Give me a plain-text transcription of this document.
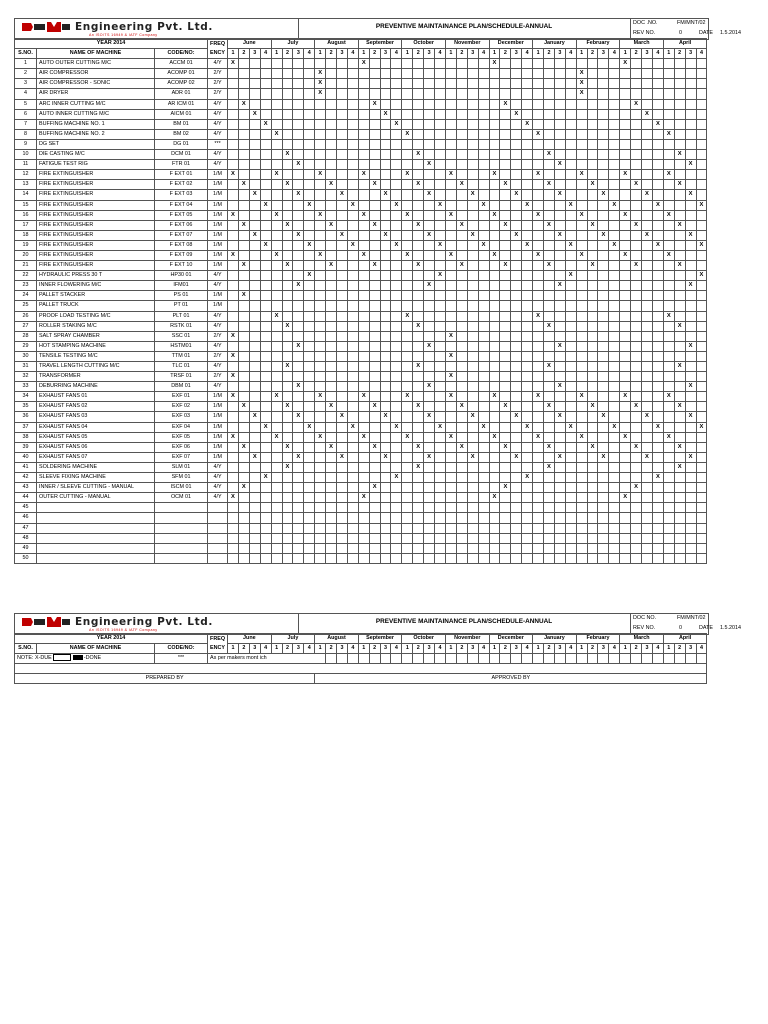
Engineering Pvt. Ltd.
An ISO/TS 16949 & IATF Company
PREVENTIVE MAINTAINANCE PLAN/SCHEDULE-ANNUAL	DOC .NO.	FM/MNT/02
REV NO.	0	DATE 1.5.2014
YEAR 2014			FREQ
ENCY	June				July				August				September				October				November				December				January				February				March				April			
S.NO.	NAME OF MACHINE	CODE/NO:		1	2	3	4	1	2	3	4	1	2	3	4	1	2	3	4	1	2	3	4	1	2	3	4	1	2	3	4	1	2	3	4	1	2	3	4	1	2	3	4	1	2	3	4
1	AUTO OUTER CUTTING M/C	ACCM 01	4/Y	X												X												X												X							
2	AIR COMPRESSOR	ACOMP 01	2/Y									X																								X											
3	AIR COMPRESSOR - SONIC	ACOMP 02	2/Y									X																								X											
4	AIR DRYER	ADR 01	2/Y									X																								X											
5	ARC INNER CUTTING M/C	AR ICM 01	4/Y		X												X												X												X						
6	AUTO INNER CUTTING M/C	AICM 01	4/Y			X												X												X												X					
7	BUFFING MACHINE NO. 1	BM 01	4/Y				X												X												X												X				
8	BUFFING MACHINE NO. 2	BM 02	4/Y					X												X												X												X			
9	DG SET	DG 01	***																																												
10	DIE CASTING M/C	DCM 01	4/Y						X												X												X												X		
11	FATIGUE TEST RIG	FTR 01	4/Y							X												X												X												X	
12	FIRE EXTINGUISHER	F EXT 01	1/M	X				X				X				X				X				X				X				X				X				X				X			
13	FIRE EXTINGUISHER	F EXT 02	1/M		X				X				X				X				X				X				X				X				X				X				X		
14	FIRE EXTINGUISHER	F EXT 03	1/M			X				X				X				X				X				X				X				X				X				X				X	
15	FIRE EXTINGUISHER	F EXT 04	1/M				X				X				X				X				X				X				X				X				X				X				X
16	FIRE EXTINGUISHER	F EXT 05	1/M	X				X				X				X				X				X				X				X				X				X				X			
17	FIRE EXTINGUISHER	F EXT 06	1/M		X				X				X				X				X				X				X				X				X				X				X		
18	FIRE EXTINGUISHER	F EXT 07	1/M			X				X				X				X				X				X				X				X				X				X				X	
19	FIRE EXTINGUISHER	F EXT 08	1/M				X				X				X				X				X				X				X				X				X				X				X
20	FIRE EXTINGUISHER	F EXT 09	1/M	X				X				X				X				X				X				X				X				X				X				X			
21	FIRE EXTINGUISHER	F EXT 10	1/M		X				X				X				X				X				X				X				X				X				X				X		
22	HYDRAULIC PRESS 30 T	HP30 01	4/Y								X												X												X												X
23	INNER FLOWERING M/C	IFM01	4/Y							X												X												X												X	
24	PALLET STACKER	PS 01	1/M		X																																										
25	PALLET TRUCK	PT 01	1/M																																												
26	PROOF LOAD TESTING M/C	PLT 01	4/Y					X												X												X												X			
27	ROLLER STAKING M/C	RSTK 01	4/Y						X												X												X												X		
28	SALT SPRAY CHAMBER	SSC 01	2/Y	X																				X																							
29	HOT STAMPING MACHINE	HSTM01	4/Y							X												X												X												X	
30	TENSILE TESTING M/C	TTM 01	2/Y	X																				X																							
31	TRAVEL LENGTH CUTTING M/C	TLC 01	4/Y						X												X												X												X		
32	TRANSFORMER	TRSF 01	2/Y	X																				X																							
33	DEBURRING MACHINE	DBM 01	4/Y							X												X												X												X	
34	EXHAUST FANS 01	EXF 01	1/M	X				X				X				X				X				X				X				X				X				X				X			
35	EXHAUST FANS 02	EXF 02	1/M		X				X				X				X				X				X				X				X				X				X				X		
36	EXHAUST FANS 03	EXF 03	1/M			X				X				X				X				X				X				X				X				X				X				X	
37	EXHAUST FANS 04	EXF 04	1/M				X				X				X				X				X				X				X				X				X				X				X
38	EXHAUST FANS 05	EXF 05	1/M	X				X				X				X				X				X				X				X				X				X				X			
39	EXHAUST FANS 06	EXF 06	1/M		X				X				X				X				X				X				X				X				X				X				X		
40	EXHAUST FANS 07	EXF 07	1/M			X				X				X				X				X				X				X				X				X				X				X	
41	SOLDERING MACHINE	SLM 01	4/Y						X												X												X												X		
42	SLEEVE FIXING MACHINE	SFM 01	4/Y				X												X												X												X				
43	INNER / SLEEVE CUTTING - MANUAL	ISCM 01	4/Y		X												X												X												X						
44	OUTER CUTTING - MANUAL	OCM 01	4/Y	X												X												X												X							
45																																															
46																																															
47																																															
48																																															
49																																															
50																																															
Engineering Pvt. Ltd.
An ISO/TS 16949 & IATF Company
PREVENTIVE MAINTAINANCE PLAN/SCHEDULE-ANNUAL	DOC NO.	FM/MNT/02
REV NO.	0	DATE 1.5.2014
YEAR 2014			FREQ
ENCY	June				July				August				September				October				November				December				January				February				March				April			
S.NO.	NAME OF MACHINE	CODE/NO:		1	2	3	4	1	2	3	4	1	2	3	4	1	2	3	4	1	2	3	4	1	2	3	4	1	2	3	4	1	2	3	4	1	2	3	4	1	2	3	4	1	2	3	4
NOTE: X-DUE -DONE		***	As per makers mont ich																																												

PREPARED BY												APPROVED BY																																			
